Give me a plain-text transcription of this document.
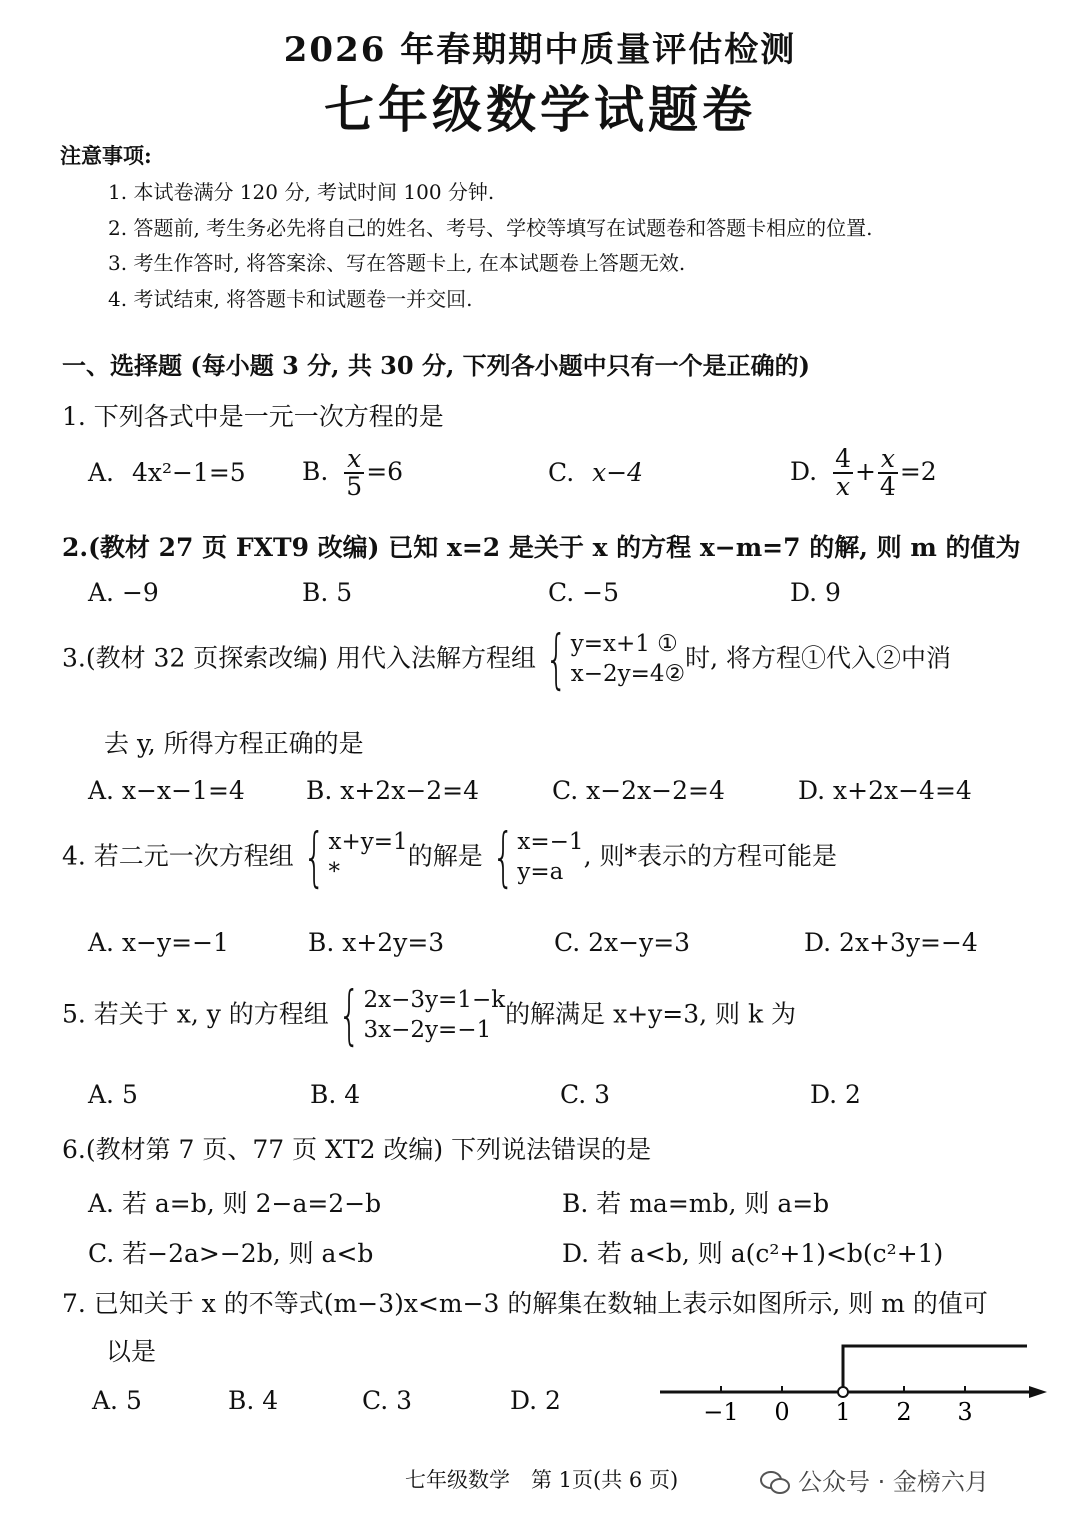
2026 年春期期中质量评估检测
七年级数学试题卷
注意事项:
1. 本试卷满分 120 分, 考试时间 100 分钟.
2. 答题前, 考生务必先将自己的姓名、考号、学校等填写在试题卷和答题卡相应的位置.
3. 考生作答时, 将答案涂、写在答题卡上, 在本试题卷上答题无效.
4. 考试结束, 将答题卡和试题卷一并交回.
一、选择题 (每小题 3 分, 共 30 分, 下列各小题中只有一个是正确的)
1. 下列各式中是一元一次方程的是
A. 4x²−1=5 B. $\frac{x}{5} =6$	C. x−4	D. $\frac{4}{x} + \frac{x}{4} =2$
2.(教材 27 页 FXT9 改编) 已知 x=2 是关于 x 的方程 x−m=7 的解, 则 m 的值为
A. −9	B. 5	C. −5	D. 9
3.(教材 32 页探索改编) 用代入法解方程组 { y=x+1 ①
x−2y=4②
时, 将方程①代入②中消
去 y, 所得方程正确的是
A. x−x−1=4 B. x+2x−2=4	C. x−2x−2=4	D. x+2x−4=4
4. 若二元一次方程组 { x+y=1
*
的解是 { x=−1
y=a
, 则*表示的方程可能是
A. x−y=−1	B. x+2y=3	C. 2x−y=3	D. 2x+3y=−4
5. 若关于 x, y 的方程组 { 2x−3y=1−k
3x−2y=−1
的解满足 x+y=3, 则 k 为
A. 5	B. 4	C. 3	D. 2
6.(教材第 7 页、77 页 XT2 改编) 下列说法错误的是
A. 若 a=b, 则 2−a=2−b	B. 若 ma=mb, 则 a=b
C. 若−2a>−2b, 则 a<b	D. 若 a<b, 则 a(c²+1)<b(c²+1)
7. 已知关于 x 的不等式(m−3)x<m−3 的解集在数轴上表示如图所示, 则 m 的值可
以是
A. 5	B. 4	C. 3	D. 2	−1 0 1 2 3
七年级数学　第 1页(共 6 页)	公众号 · 金榜六月
